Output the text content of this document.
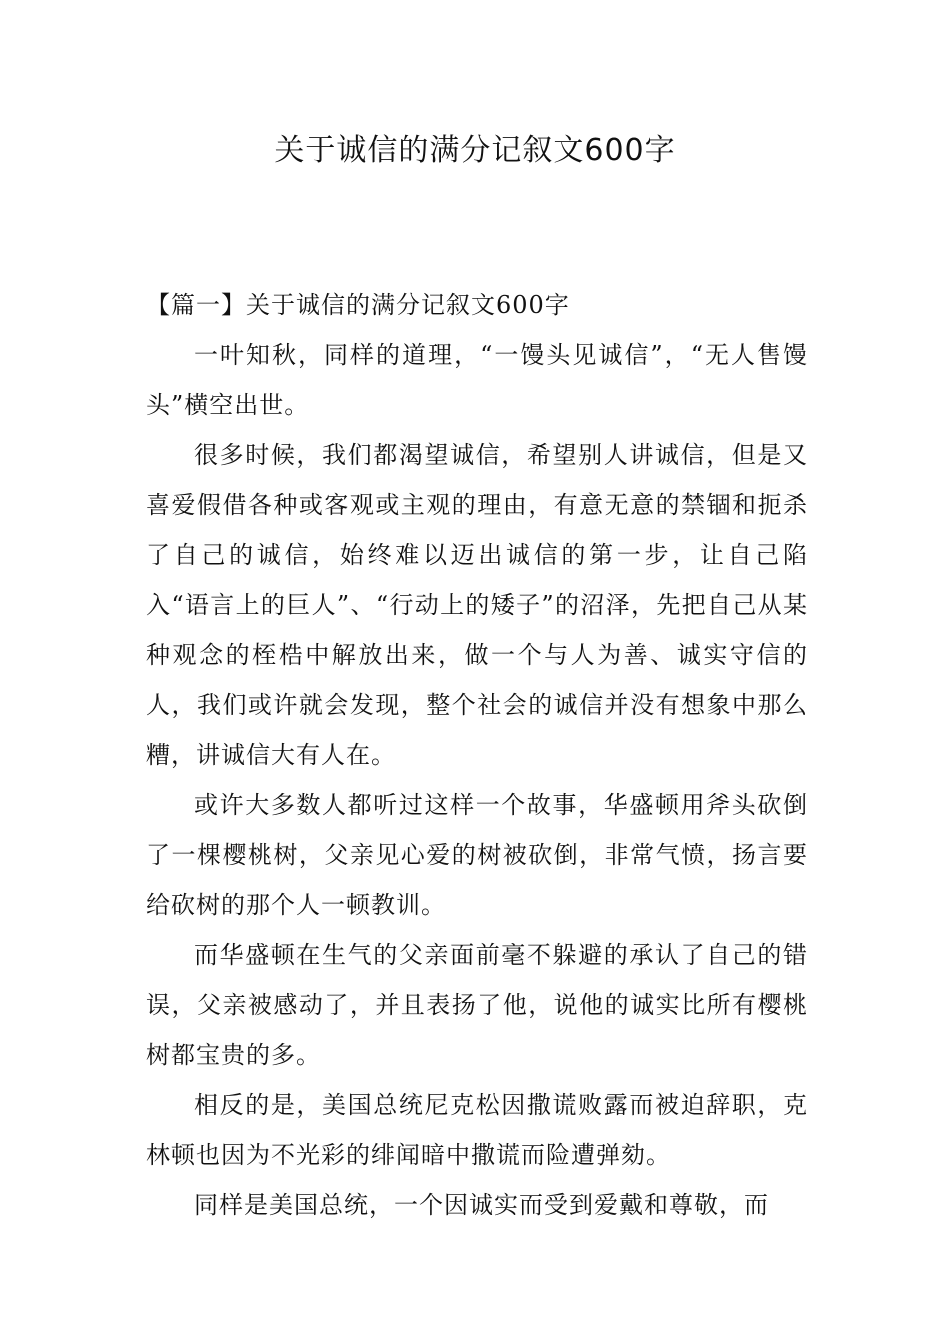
关于诚信的满分记叙文600字
【篇一】关于诚信的满分记叙文600字

一叶知秋，同样的道理，“一馒头见诚信”，“无人售馒头”横空出世。

很多时候，我们都渴望诚信，希望别人讲诚信，但是又喜爱假借各种或客观或主观的理由，有意无意的禁锢和扼杀了自己的诚信，始终难以迈出诚信的第一步，让自己陷入“语言上的巨人”、“行动上的矮子”的沼泽，先把自己从某种观念的桎梏中解放出来，做一个与人为善、诚实守信的人，我们或许就会发现，整个社会的诚信并没有想象中那么糟，讲诚信大有人在。

或许大多数人都听过这样一个故事，华盛顿用斧头砍倒了一棵樱桃树，父亲见心爱的树被砍倒，非常气愤，扬言要给砍树的那个人一顿教训。

而华盛顿在生气的父亲面前毫不躲避的承认了自己的错误，父亲被感动了，并且表扬了他，说他的诚实比所有樱桃树都宝贵的多。

相反的是，美国总统尼克松因撒谎败露而被迫辞职，克林顿也因为不光彩的绯闻暗中撒谎而险遭弹劾。

同样是美国总统，一个因诚实而受到爱戴和尊敬，而
